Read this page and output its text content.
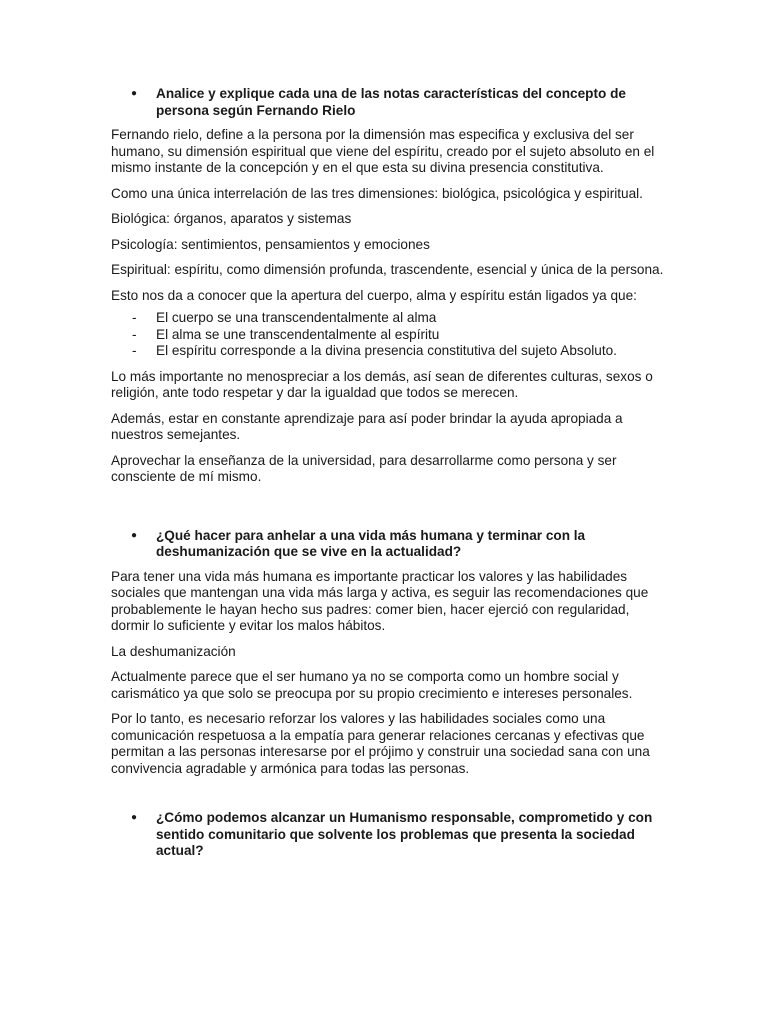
● Analice y explique cada una de las notas características del concepto de persona según Fernando Rielo

Fernando rielo, define a la persona por la dimensión mas especifica y exclusiva del ser humano, su dimensión espiritual que viene del espíritu, creado por el sujeto absoluto en el mismo instante de la concepción y en el que esta su divina presencia constitutiva.

Como una única interrelación de las tres dimensiones: biológica, psicológica y espiritual.

Biológica: órganos, aparatos y sistemas

Psicología: sentimientos, pensamientos y emociones

Espiritual: espíritu, como dimensión profunda, trascendente, esencial y única de la persona.

Esto nos da a conocer que la apertura del cuerpo, alma y espíritu están ligados ya que:

- El cuerpo se una transcendentalmente al alma
- El alma se une transcendentalmente al espíritu
- El espíritu corresponde a la divina presencia constitutiva del sujeto Absoluto.

Lo más importante no menospreciar a los demás, así sean de diferentes culturas, sexos o religión, ante todo respetar y dar la igualdad que todos se merecen.

Además, estar en constante aprendizaje para así poder brindar la ayuda apropiada a nuestros semejantes.

Aprovechar la enseñanza de la universidad, para desarrollarme como persona y ser consciente de mí mismo.

● ¿Qué hacer para anhelar a una vida más humana y terminar con la deshumanización que se vive en la actualidad?

Para tener una vida más humana es importante practicar los valores y las habilidades sociales que mantengan una vida más larga y activa, es seguir las recomendaciones que probablemente le hayan hecho sus padres: comer bien, hacer ejerció con regularidad, dormir lo suficiente y evitar los malos hábitos.

La deshumanización

Actualmente parece que el ser humano ya no se comporta como un hombre social y carismático ya que solo se preocupa por su propio crecimiento e intereses personales.

Por lo tanto, es necesario reforzar los valores y las habilidades sociales como una comunicación respetuosa a la empatía para generar relaciones cercanas y efectivas que permitan a las personas interesarse por el prójimo y construir una sociedad sana con una convivencia agradable y armónica para todas las personas.

● ¿Cómo podemos alcanzar un Humanismo responsable, comprometido y con sentido comunitario que solvente los problemas que presenta la sociedad actual?
